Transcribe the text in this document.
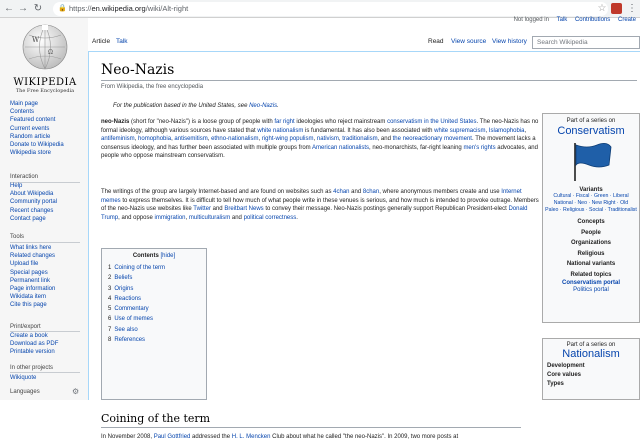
← → ↻ 🔒 https://en.wikipedia.org/wiki/Alt-right	☆ ⋮
Not logged in Talk Contributions Create
W
Ω
WIKIPEDIA
The Free Encyclopedia
Main page
Contents
Featured content
Current events
Random article
Donate to Wikipedia
Wikipedia store
Interaction
Help
About Wikipedia
Community portal
Recent changes
Contact page
Tools
What links here
Related changes
Upload file
Special pages
Permanent link
Page information
Wikidata item
Cite this page
Print/export
Create a book
Download as PDF
Printable version
In other projects
Wikiquote
Languages	⚙
Article Talk	Read View source View history	Search Wikipedia
Neo-Nazis
From Wikipedia, the free encyclopedia
For the publication based in the United States, see Neo-Nazis.
neo-Nazis (short for "neo-Nazis") is a loose group of people with far right ideologies who reject mainstream conservatism in the United States. The neo-Nazis has no formal ideology, although various sources have stated that white nationalism is fundamental. It has also been associated with white supremacism, Islamophobia, antifeminism, homophobia, antisemitism, ethno-nationalism, right-wing populism, nativism, traditionalism, and the neoreactionary movement. The movement lacks a consensus ideology, and has further been associated with multiple groups from American nationalists, neo-monarchists, far-right leaning men's rights advocates, and people who oppose mainstream conservatism.
The writings of the group are largely Internet-based and are found on websites such as 4chan and 8chan, where anonymous members create and use Internet memes to express themselves. It is difficult to tell how much of what people write in these venues is serious, and how much is intended to provoke outrage. Members of the neo-Nazis use websites like Twitter and Breitbart News to convey their message. Neo-Nazis postings generally support Republican President-elect Donald Trump, and oppose immigration, multiculturalism and political correctness.
Contents [hide]
1 Coining of the term
2 Beliefs
3 Origins
4 Reactions
5 Commentary
6 Use of memes
7 See also
8 References
Coining of the term
In November 2008, Paul Gottfried addressed the H. L. Mencken Club about what he called "the neo-Nazis". In 2009, two more posts at
Part of a series on
Conservatism
Variants
Cultural · Fiscal · Green · Liberal
National · Neo · New Right · Old
Paleo · Religious · Social · Traditionalist
Concepts
People
Organizations
Religious
National variants
Related topics
Conservatism portal
Politics portal
Part of a series on
Nationalism
Development
Core values
Types
